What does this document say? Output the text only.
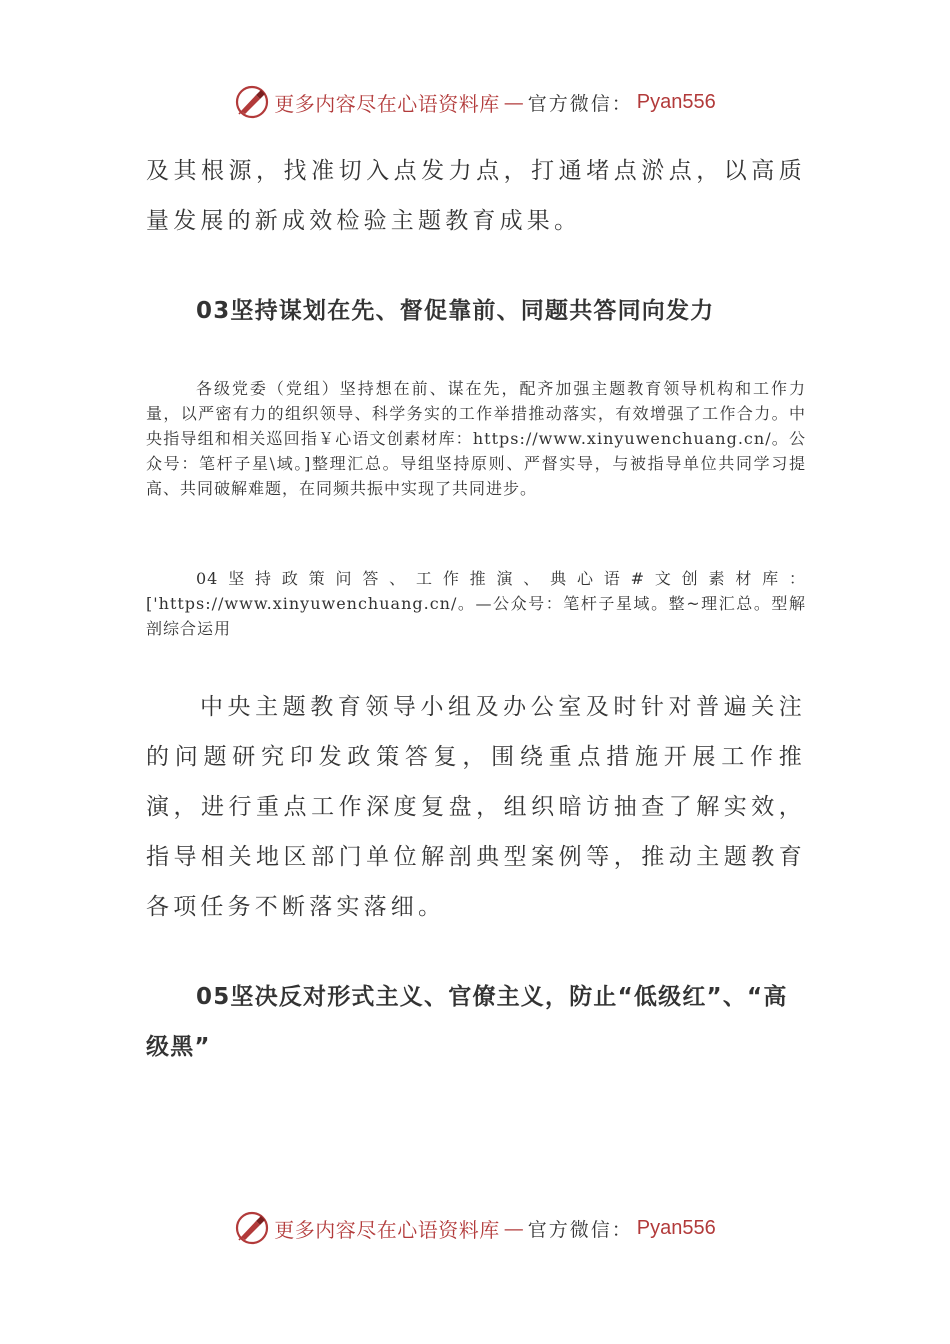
更多内容尽在心语资料库 — 官方微信： Pyan556

及其根源，找准切入点发力点，打通堵点淤点，以高质量发展的新成效检验主题教育成果。

03坚持谋划在先、督促靠前、同题共答同向发力

各级党委（党组）坚持想在前、谋在先，配齐加强主题教育领导机构和工作力量，以严密有力的组织领导、科学务实的工作举措推动落实，有效增强了工作合力。中央指导组和相关巡回指￥心语文创素材库：https://www.xinyuwenchuang.cn/。公众号：笔杆子星\域。]整理汇总。导组坚持原则、严督实导，与被指导单位共同学习提高、共同破解难题，在同频共振中实现了共同进步。

04坚持政策问答、工作推演、典心语#文创素材库：['https://www.xinyuwenchuang.cn/。—公众号：笔杆子星域。整~理汇总。型解剖综合运用

中央主题教育领导小组及办公室及时针对普遍关注的问题研究印发政策答复，围绕重点措施开展工作推演，进行重点工作深度复盘，组织暗访抽查了解实效，指导相关地区部门单位解剖典型案例等，推动主题教育各项任务不断落实落细。

05坚决反对形式主义、官僚主义，防止“低级红”、“高级黑”

更多内容尽在心语资料库 — 官方微信： Pyan556
